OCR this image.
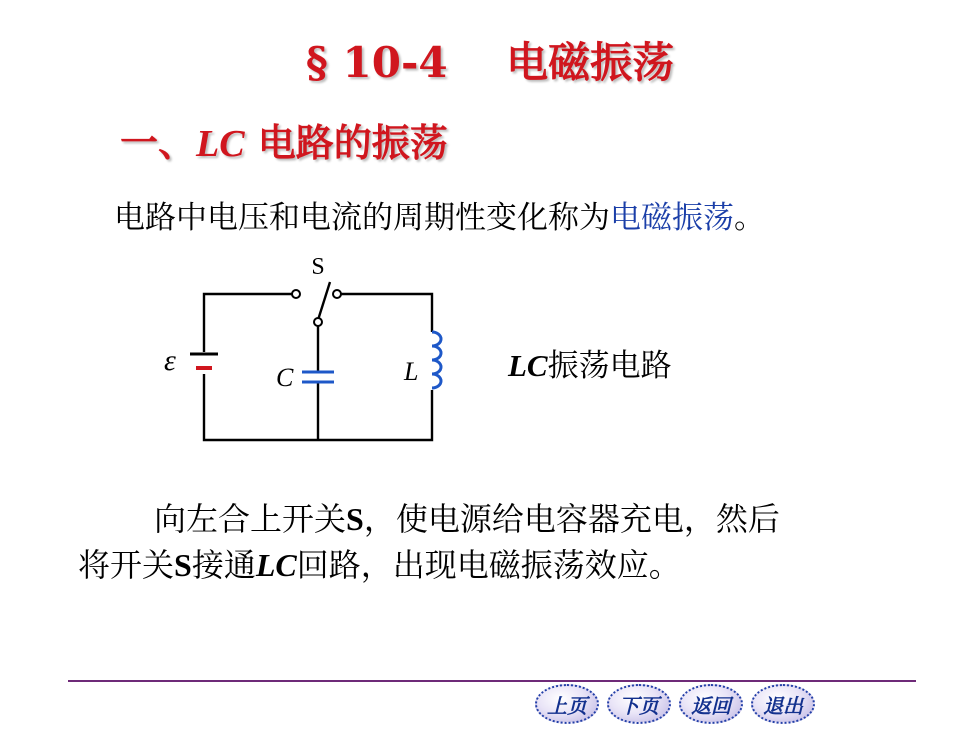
§ 10-4    电磁振荡
一、LC 电路的振荡
电路中电压和电流的周期性变化称为电磁振荡。
S
ε
C	L	LC振荡电路
向左合上开关S，使电源给电容器充电，然后
将开关S接通LC回路，出现电磁振荡效应。
上页	下页	返回	退出
